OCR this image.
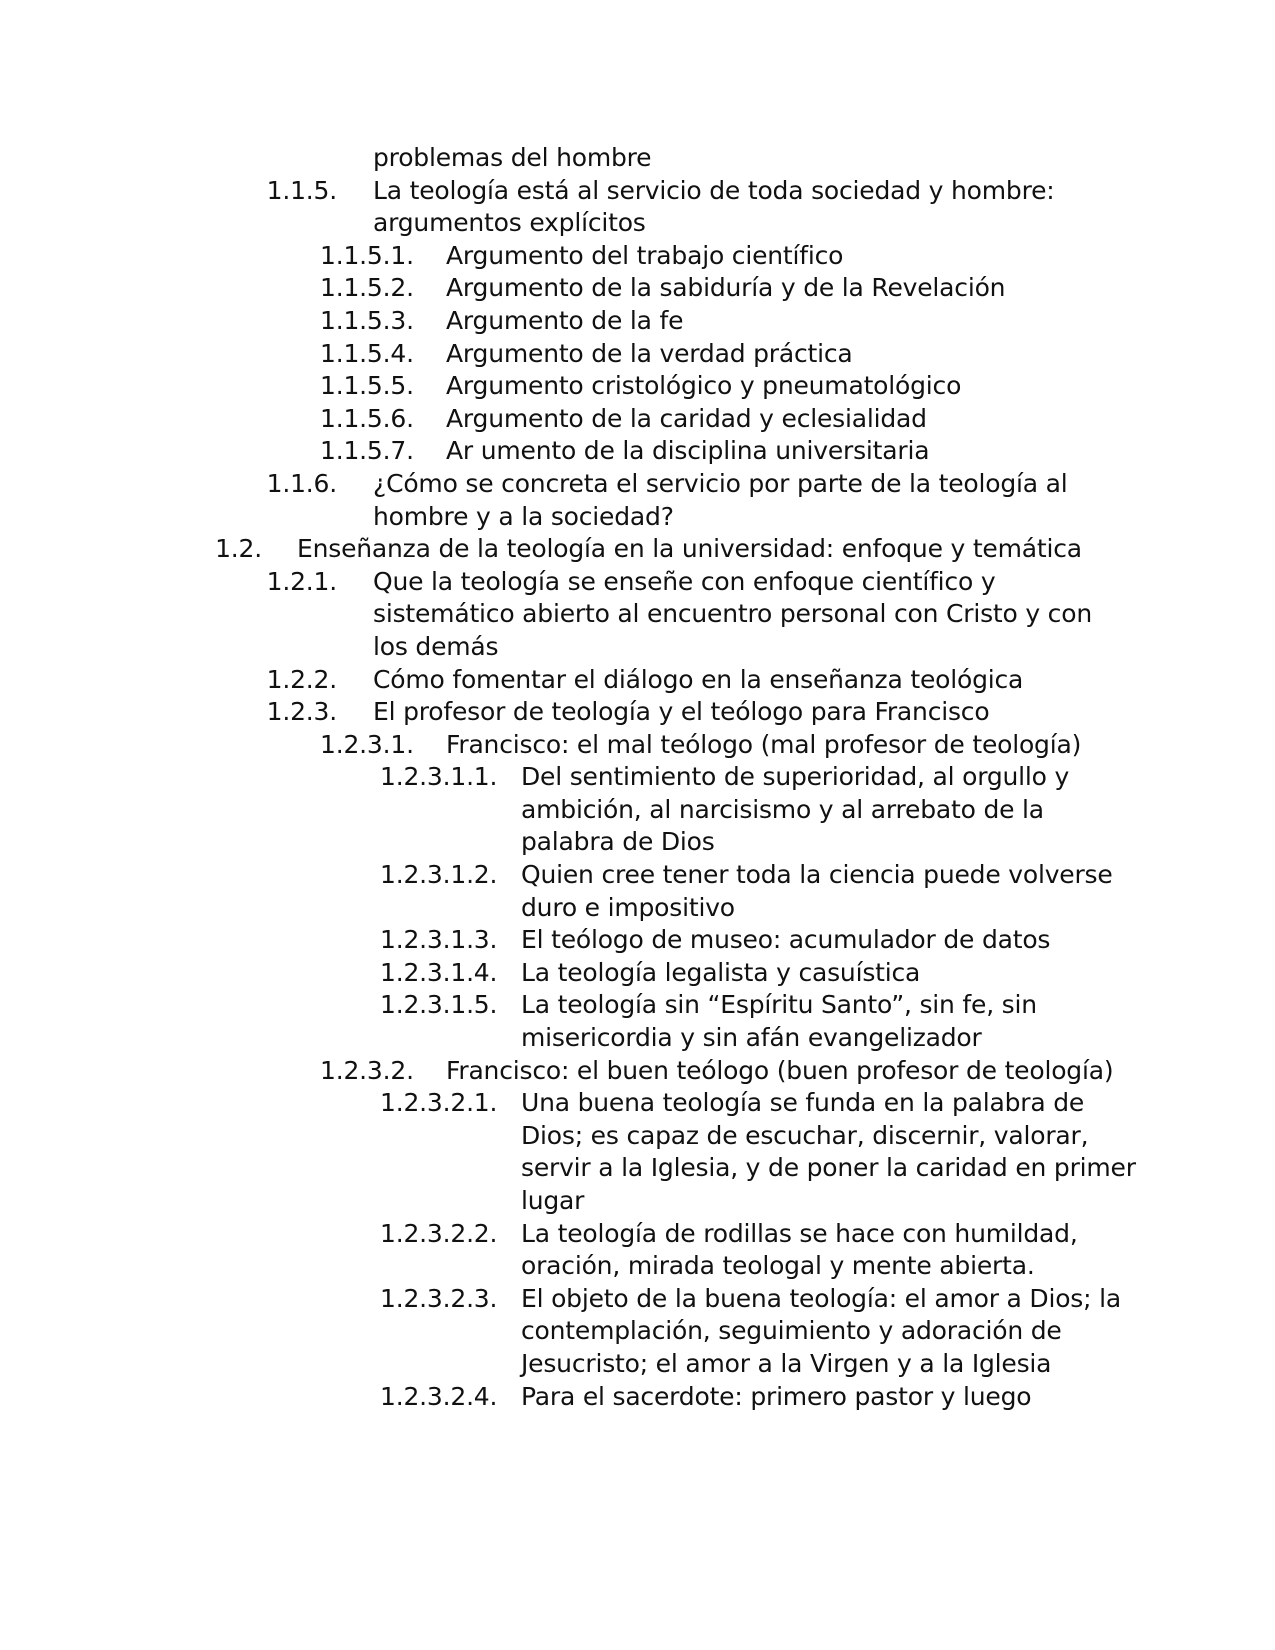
problemas del hombre
1.1.5. La teología está al servicio de toda sociedad y hombre: argumentos explícitos
1.1.5.1. Argumento del trabajo científico
1.1.5.2. Argumento de la sabiduría y de la Revelación
1.1.5.3. Argumento de la fe
1.1.5.4. Argumento de la verdad práctica
1.1.5.5. Argumento cristológico y pneumatológico
1.1.5.6. Argumento de la caridad y eclesialidad
1.1.5.7. Ar umento de la disciplina universitaria
1.1.6. ¿Cómo se concreta el servicio por parte de la teología al hombre y a la sociedad?
1.2. Enseñanza de la teología en la universidad: enfoque y temática
1.2.1. Que la teología se enseñe con enfoque científico y sistemático abierto al encuentro personal con Cristo y con los demás
1.2.2. Cómo fomentar el diálogo en la enseñanza teológica
1.2.3. El profesor de teología y el teólogo para Francisco
1.2.3.1. Francisco: el mal teólogo (mal profesor de teología)
1.2.3.1.1. Del sentimiento de superioridad, al orgullo y ambición, al narcisismo y al arrebato de la palabra de Dios
1.2.3.1.2. Quien cree tener toda la ciencia puede volverse duro e impositivo
1.2.3.1.3. El teólogo de museo: acumulador de datos
1.2.3.1.4. La teología legalista y casuística
1.2.3.1.5. La teología sin “Espíritu Santo”, sin fe, sin misericordia y sin afán evangelizador
1.2.3.2. Francisco: el buen teólogo (buen profesor de teología)
1.2.3.2.1. Una buena teología se funda en la palabra de Dios; es capaz de escuchar, discernir, valorar, servir a la Iglesia, y de poner la caridad en primer lugar
1.2.3.2.2. La teología de rodillas se hace con humildad, oración, mirada teologal y mente abierta.
1.2.3.2.3. El objeto de la buena teología: el amor a Dios; la contemplación, seguimiento y adoración de Jesucristo; el amor a la Virgen y a la Iglesia
1.2.3.2.4. Para el sacerdote: primero pastor y luego
